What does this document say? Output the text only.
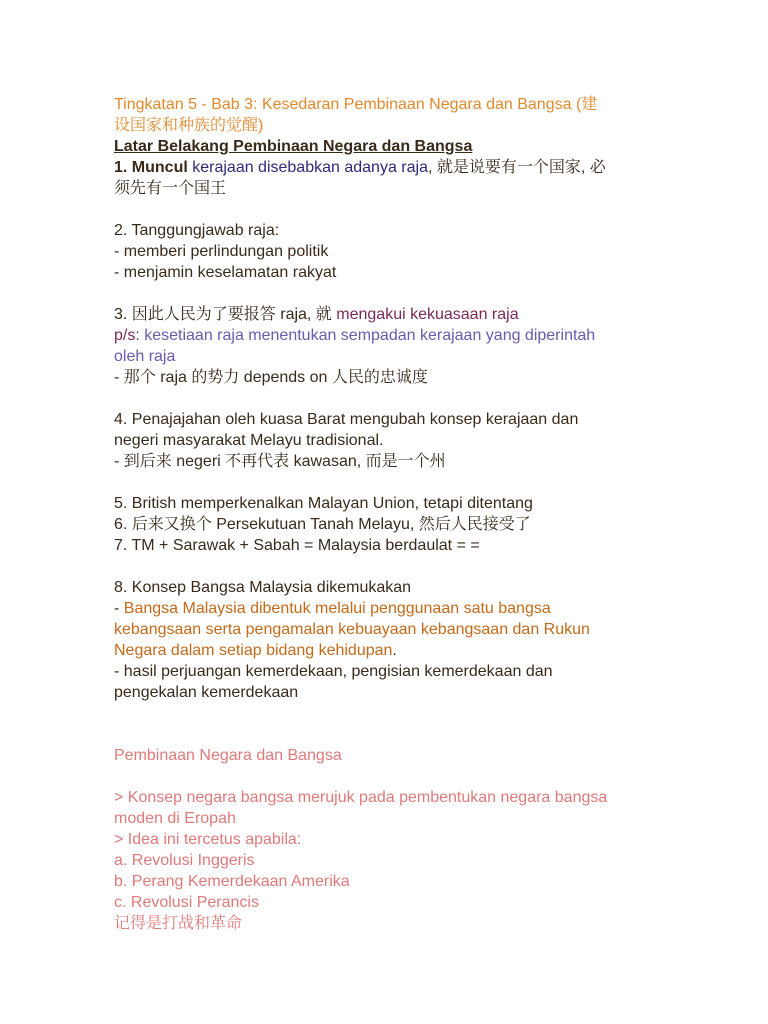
Tingkatan 5 - Bab 3: Kesedaran Pembinaan Negara dan Bangsa (建
设国家和种族的觉醒)
Latar Belakang Pembinaan Negara dan Bangsa
1. Muncul kerajaan disebabkan adanya raja, 就是说要有一个国家, 必
须先有一个国王
2. Tanggungjawab raja:
- memberi perlindungan politik
- menjamin keselamatan rakyat
3. 因此人民为了要报答 raja, 就 mengakui kekuasaan raja
p/s: kesetiaan raja menentukan sempadan kerajaan yang diperintah
oleh raja
- 那个 raja 的势力 depends on 人民的忠诚度
4. Penajajahan oleh kuasa Barat mengubah konsep kerajaan dan
negeri masyarakat Melayu tradisional.
- 到后来 negeri 不再代表 kawasan, 而是一个州
5. British memperkenalkan Malayan Union, tetapi ditentang
6. 后来又换个 Persekutuan Tanah Melayu, 然后人民接受了
7. TM + Sarawak + Sabah = Malaysia berdaulat = =
8. Konsep Bangsa Malaysia dikemukakan
- Bangsa Malaysia dibentuk melalui penggunaan satu bangsa
kebangsaan serta pengamalan kebuayaan kebangsaan dan Rukun
Negara dalam setiap bidang kehidupan.
- hasil perjuangan kemerdekaan, pengisian kemerdekaan dan
pengekalan kemerdekaan
Pembinaan Negara dan Bangsa
> Konsep negara bangsa merujuk pada pembentukan negara bangsa
moden di Eropah
> Idea ini tercetus apabila:
a. Revolusi Inggeris
b. Perang Kemerdekaan Amerika
c. Revolusi Perancis
记得是打战和革命
